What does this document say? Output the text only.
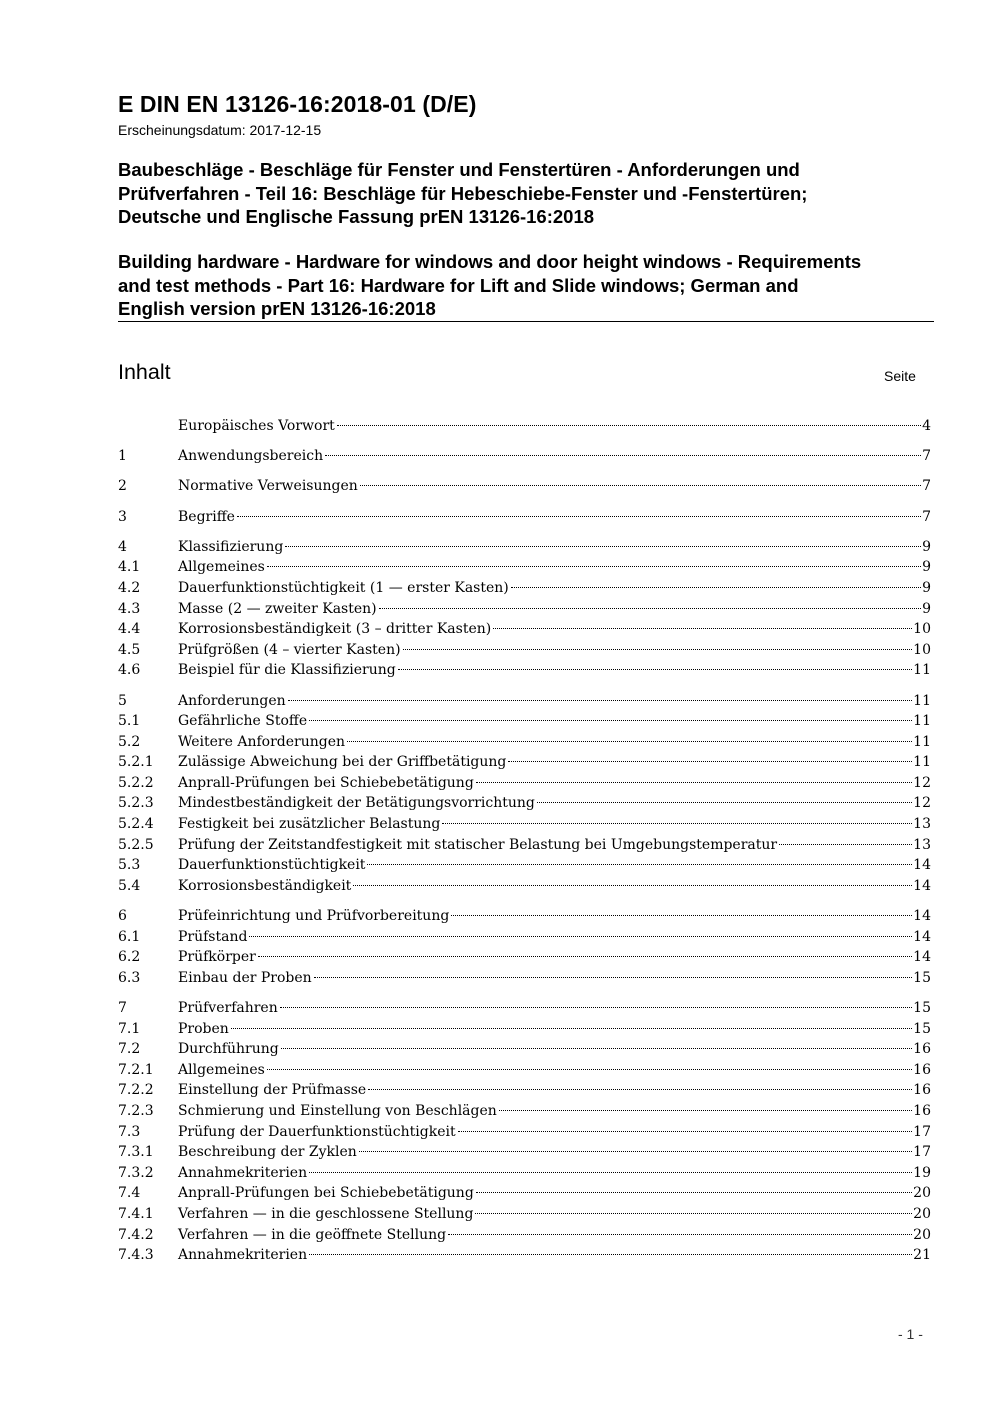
E DIN EN 13126-16:2018-01 (D/E)
Erscheinungsdatum: 2017-12-15
Baubeschläge - Beschläge für Fenster und Fenstertüren - Anforderungen und
Prüfverfahren - Teil 16: Beschläge für Hebeschiebe-Fenster und -Fenstertüren;
Deutsche und Englische Fassung prEN 13126-16:2018
Building hardware - Hardware for windows and door height windows - Requirements
and test methods - Part 16: Hardware for Lift and Slide windows; German and
English version prEN 13126-16:2018
Inhalt	Seite
Europäisches Vorwort	4
1	Anwendungsbereich	7
2	Normative Verweisungen	7
3	Begriffe	7
4	Klassifizierung	9
4.1	Allgemeines	9
4.2	Dauerfunktionstüchtigkeit (1 — erster Kasten)	9
4.3	Masse (2 — zweiter Kasten)	9
4.4	Korrosionsbeständigkeit (3 – dritter Kasten)	10
4.5	Prüfgrößen (4 – vierter Kasten)	10
4.6	Beispiel für die Klassifizierung	11
5	Anforderungen	11
5.1	Gefährliche Stoffe	11
5.2	Weitere Anforderungen	11
5.2.1	Zulässige Abweichung bei der Griffbetätigung	11
5.2.2	Anprall-Prüfungen bei Schiebebetätigung	12
5.2.3	Mindestbeständigkeit der Betätigungsvorrichtung	12
5.2.4	Festigkeit bei zusätzlicher Belastung	13
5.2.5	Prüfung der Zeitstandfestigkeit mit statischer Belastung bei Umgebungstemperatur	13
5.3	Dauerfunktionstüchtigkeit	14
5.4	Korrosionsbeständigkeit	14
6	Prüfeinrichtung und Prüfvorbereitung	14
6.1	Prüfstand	14
6.2	Prüfkörper	14
6.3	Einbau der Proben	15
7	Prüfverfahren	15
7.1	Proben	15
7.2	Durchführung	16
7.2.1	Allgemeines	16
7.2.2	Einstellung der Prüfmasse	16
7.2.3	Schmierung und Einstellung von Beschlägen	16
7.3	Prüfung der Dauerfunktionstüchtigkeit	17
7.3.1	Beschreibung der Zyklen	17
7.3.2	Annahmekriterien	19
7.4	Anprall-Prüfungen bei Schiebebetätigung	20
7.4.1	Verfahren — in die geschlossene Stellung	20
7.4.2	Verfahren — in die geöffnete Stellung	20
7.4.3	Annahmekriterien	21
- 1 -
